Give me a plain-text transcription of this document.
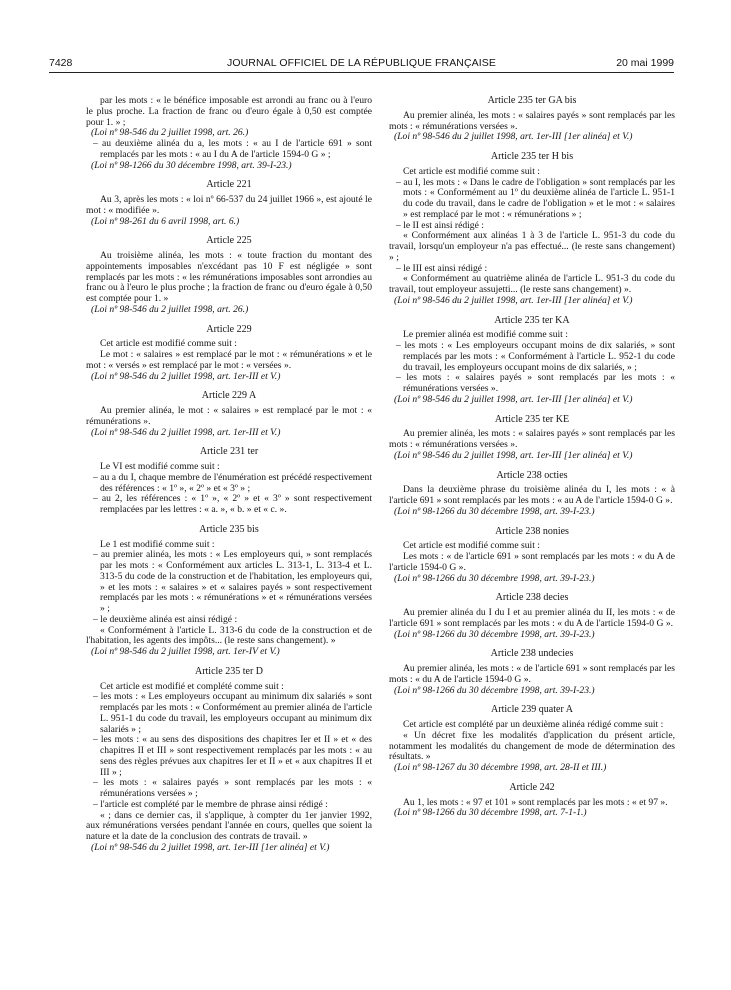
7428	JOURNAL OFFICIEL DE LA RÉPUBLIQUE FRANÇAISE	20 mai 1999

par les mots : « le bénéfice imposable est arrondi au franc ou à l'euro le plus proche. La fraction de franc ou d'euro égale à 0,50 est comptée pour 1. » ;

(Loi nº 98-546 du 2 juillet 1998, art. 26.)

– au deuxième alinéa du a, les mots : « au I de l'article 691 » sont remplacés par les mots : « au I du A de l'article 1594-0 G » ;

(Loi nº 98-1266 du 30 décembre 1998, art. 39-I-23.)

Article 221

Au 3, après les mots : « loi nº 66-537 du 24 juillet 1966 », est ajouté le mot : « modifiée ».

(Loi nº 98-261 du 6 avril 1998, art. 6.)

Article 225

Au troisième alinéa, les mots : « toute fraction du montant des appointements imposables n'excédant pas 10 F est négligée » sont remplacés par les mots : « les rémunérations imposables sont arrondies au franc ou à l'euro le plus proche ; la fraction de franc ou d'euro égale à 0,50 est comptée pour 1. »

(Loi nº 98-546 du 2 juillet 1998, art. 26.)

Article 229

Cet article est modifié comme suit :

Le mot : « salaires » est remplacé par le mot : « rémunérations » et le mot : « versés » est remplacé par le mot : « versées ».

(Loi nº 98-546 du 2 juillet 1998, art. 1er-III et V.)

Article 229 A

Au premier alinéa, le mot : « salaires » est remplacé par le mot : « rémunérations ».

(Loi nº 98-546 du 2 juillet 1998, art. 1er-III et V.)

Article 231 ter

Le VI est modifié comme suit :

– au a du I, chaque membre de l'énumération est précédé respectivement des références : « 1º », « 2º » et « 3º » ;

– au 2, les références : « 1º », « 2º » et « 3º » sont respectivement remplacées par les lettres : « a. », « b. » et « c. ».

Article 235 bis

Le 1 est modifié comme suit :

– au premier alinéa, les mots : « Les employeurs qui, » sont remplacés par les mots : « Conformément aux articles L. 313-1, L. 313-4 et L. 313-5 du code de la construction et de l'habitation, les employeurs qui, » et les mots : « salaires » et « salaires payés » sont respectivement remplacés par les mots : « rémunérations » et « rémunérations versées » ;

– le deuxième alinéa est ainsi rédigé :

« Conformément à l'article L. 313-6 du code de la construction et de l'habitation, les agents des impôts... (le reste sans changement). »

(Loi nº 98-546 du 2 juillet 1998, art. 1er-IV et V.)

Article 235 ter D

Cet article est modifié et complété comme suit :

– les mots : « Les employeurs occupant au minimum dix salariés » sont remplacés par les mots : « Conformément au premier alinéa de l'article L. 951-1 du code du travail, les employeurs occupant au minimum dix salariés » ;

– les mots : « au sens des dispositions des chapitres Ier et II » et « des chapitres II et III » sont respectivement remplacés par les mots : « au sens des règles prévues aux chapitres Ier et II » et « aux chapitres II et III » ;

– les mots : « salaires payés » sont remplacés par les mots : « rémunérations versées » ;

– l'article est complété par le membre de phrase ainsi rédigé :

« ; dans ce dernier cas, il s'applique, à compter du 1er janvier 1992, aux rémunérations versées pendant l'année en cours, quelles que soient la nature et la date de la conclusion des contrats de travail. »

(Loi nº 98-546 du 2 juillet 1998, art. 1er-III [1er alinéa] et V.)

Article 235 ter GA bis

Au premier alinéa, les mots : « salaires payés » sont remplacés par les mots : « rémunérations versées ».

(Loi nº 98-546 du 2 juillet 1998, art. 1er-III [1er alinéa] et V.)

Article 235 ter H bis

Cet article est modifié comme suit :

– au I, les mots : « Dans le cadre de l'obligation » sont remplacés par les mots : « Conformément au 1º du deuxième alinéa de l'article L. 951-1 du code du travail, dans le cadre de l'obligation » et le mot : « salaires » est remplacé par le mot : « rémunérations » ;

– le II est ainsi rédigé :

« Conformément aux alinéas 1 à 3 de l'article L. 951-3 du code du travail, lorsqu'un employeur n'a pas effectué... (le reste sans changement) » ;

– le III est ainsi rédigé :

« Conformément au quatrième alinéa de l'article L. 951-3 du code du travail, tout employeur assujetti... (le reste sans changement) ».

(Loi nº 98-546 du 2 juillet 1998, art. 1er-III [1er alinéa] et V.)

Article 235 ter KA

Le premier alinéa est modifié comme suit :

– les mots : « Les employeurs occupant moins de dix salariés, » sont remplacés par les mots : « Conformément à l'article L. 952-1 du code du travail, les employeurs occupant moins de dix salariés, » ;

– les mots : « salaires payés » sont remplacés par les mots : « rémunérations versées ».

(Loi nº 98-546 du 2 juillet 1998, art. 1er-III [1er alinéa] et V.)

Article 235 ter KE

Au premier alinéa, les mots : « salaires payés » sont remplacés par les mots : « rémunérations versées ».

(Loi nº 98-546 du 2 juillet 1998, art. 1er-III [1er alinéa] et V.)

Article 238 octies

Dans la deuxième phrase du troisième alinéa du I, les mots : « à l'article 691 » sont remplacés par les mots : « au A de l'article 1594-0 G ».

(Loi nº 98-1266 du 30 décembre 1998, art. 39-I-23.)

Article 238 nonies

Cet article est modifié comme suit :

Les mots : « de l'article 691 » sont remplacés par les mots : « du A de l'article 1594-0 G ».

(Loi nº 98-1266 du 30 décembre 1998, art. 39-I-23.)

Article 238 decies

Au premier alinéa du I du I et au premier alinéa du II, les mots : « de l'article 691 » sont remplacés par les mots : « du A de l'article 1594-0 G ».

(Loi nº 98-1266 du 30 décembre 1998, art. 39-I-23.)

Article 238 undecies

Au premier alinéa, les mots : « de l'article 691 » sont remplacés par les mots : « du A de l'article 1594-0 G ».

(Loi nº 98-1266 du 30 décembre 1998, art. 39-I-23.)

Article 239 quater A

Cet article est complété par un deuxième alinéa rédigé comme suit :

« Un décret fixe les modalités d'application du présent article, notamment les modalités du changement de mode de détermination des résultats. »

(Loi nº 98-1267 du 30 décembre 1998, art. 28-II et III.)

Article 242

Au 1, les mots : « 97 et 101 » sont remplacés par les mots : « et 97 ».

(Loi nº 98-1266 du 30 décembre 1998, art. 7-1-1.)
